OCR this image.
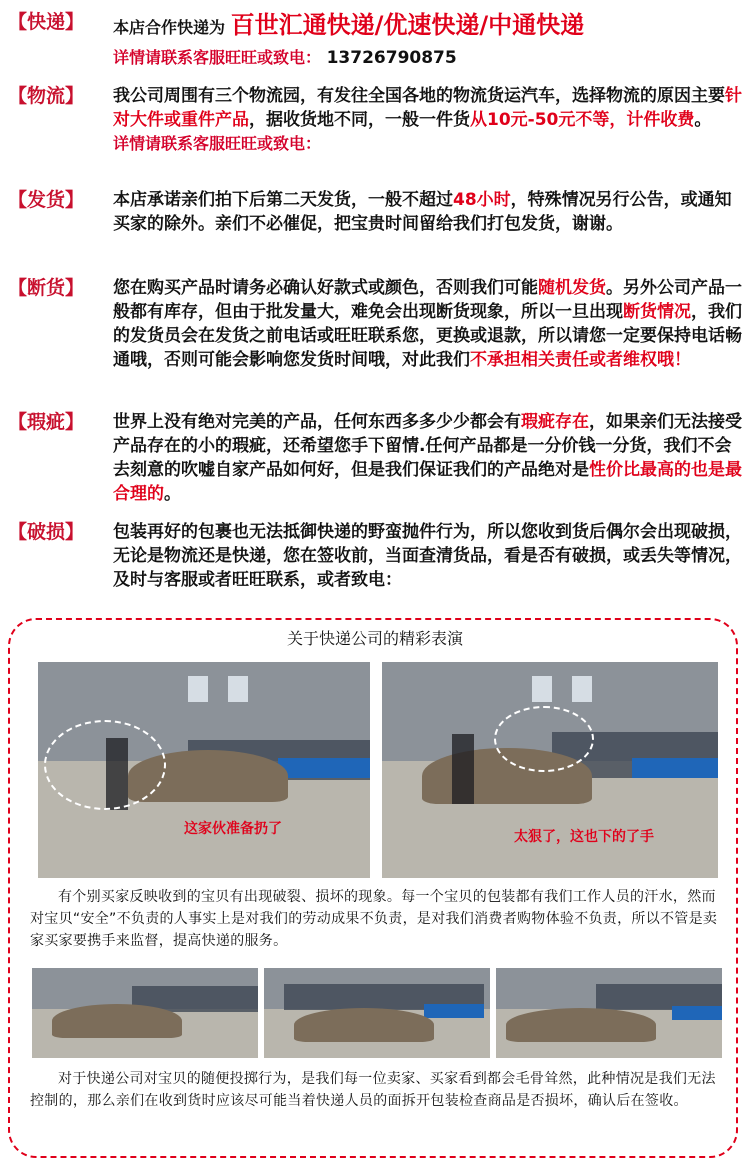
【快递】	本店合作快递为 百世汇通快递/优速快递/中通快递
详情请联系客服旺旺或致电： 13726790875
【物流】	我公司周围有三个物流园，有发往全国各地的物流货运汽车，选择物流的原因主要针对大件或重件产品，据收货地不同，一般一件货从10元-50元不等，计件收费。
详情请联系客服旺旺或致电：
【发货】	本店承诺亲们拍下后第二天发货，一般不超过48小时，特殊情况另行公告，或通知买家的除外。亲们不必催促，把宝贵时间留给我们打包发货，谢谢。
【断货】	您在购买产品时请务必确认好款式或颜色，否则我们可能随机发货。另外公司产品一般都有库存，但由于批发量大，难免会出现断货现象，所以一旦出现断货情况，我们的发货员会在发货之前电话或旺旺联系您，更换或退款，所以请您一定要保持电话畅通哦，否则可能会影响您发货时间哦，对此我们不承担相关责任或者维权哦！
【瑕疵】	世界上没有绝对完美的产品，任何东西多多少少都会有瑕疵存在，如果亲们无法接受产品存在的小的瑕疵，还希望您手下留情.任何产品都是一分价钱一分货，我们不会去刻意的吹嘘自家产品如何好，但是我们保证我们的产品绝对是性价比最高的也是最合理的。
【破损】	包装再好的包裹也无法抵御快递的野蛮抛件行为，所以您收到货后偶尔会出现破损，无论是物流还是快递，您在签收前，当面查清货品，看是否有破损，或丢失等情况，及时与客服或者旺旺联系，或者致电：
关于快递公司的精彩表演
这家伙准备扔了	太狠了，这也下的了手
有个别买家反映收到的宝贝有出现破裂、损坏的现象。每一个宝贝的包装都有我们工作人员的汗水，然而对宝贝“安全”不负责的人事实上是对我们的劳动成果不负责，是对我们消费者购物体验不负责，所以不管是卖家买家要携手来监督，提高快递的服务。
对于快递公司对宝贝的随便投掷行为，是我们每一位卖家、买家看到都会毛骨耸然，此种情况是我们无法控制的，那么亲们在收到货时应该尽可能当着快递人员的面拆开包装检查商品是否损坏，确认后在签收。
